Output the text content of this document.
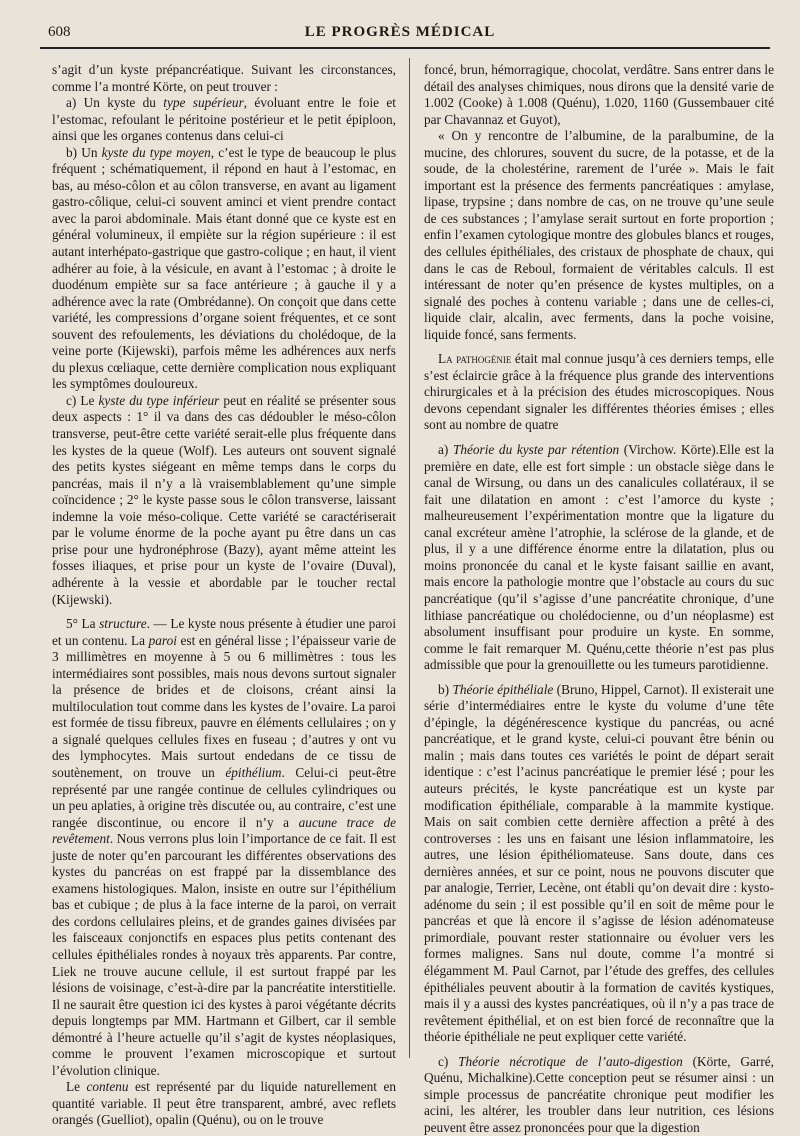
608	LE PROGRÈS MÉDICAL

s’agit d’un kyste prépancréatique. Suivant les circonstances, comme l’a montré Körte, on peut trouver :

a) Un kyste du type supérieur, évoluant entre le foie et l’estomac, refoulant le péritoine postérieur et le petit épiploon, ainsi que les organes contenus dans celui-ci

b) Un kyste du type moyen, c’est le type de beaucoup le plus fréquent ; schématiquement, il répond en haut à l’estomac, en bas, au méso-côlon et au côlon transverse, en avant au ligament gastro-côlique, celui-ci souvent aminci et vient prendre contact avec la paroi abdominale. Mais étant donné que ce kyste est en général volumineux, il empiète sur la région supérieure : il est autant interhépato-gastrique que gastro-colique ; en haut, il vient adhérer au foie, à la vésicule, en avant à l’estomac ; à droite le duodénum empiète sur sa face antérieure ; à gauche il y a adhérence avec la rate (Ombrédanne). On conçoit que dans cette variété, les compressions d’organe soient fréquentes, et ce sont souvent des refoulements, les déviations du cholédoque, de la veine porte (Kijewski), parfois même les adhérences aux nerfs du plexus cœliaque, cette dernière complication nous expliquant les symptômes douloureux.

c) Le kyste du type inférieur peut en réalité se présenter sous deux aspects : 1° il va dans des cas dédoubler le méso-côlon transverse, peut-être cette variété serait-elle plus fréquente dans les kystes de la queue (Wolf). Les auteurs ont souvent signalé des petits kystes siégeant en même temps dans le corps du pancréas, mais il n’y a là vraisemblablement qu’une simple coïncidence ; 2° le kyste passe sous le côlon transverse, laissant indemne la voie méso-colique. Cette variété se caractériserait par le volume énorme de la poche ayant pu être dans un cas prise pour une hydronéphrose (Bazy), ayant même atteint les fosses iliaques, et prise pour un kyste de l’ovaire (Duval), adhérente à la vessie et abordable par le toucher rectal (Kijewski).

5° La structure. — Le kyste nous présente à étudier une paroi et un contenu. La paroi est en général lisse ; l’épaisseur varie de 3 millimètres en moyenne à 5 ou 6 millimètres : tous les intermédiaires sont possibles, mais nous devons surtout signaler la présence de brides et de cloisons, créant ainsi la multiloculation tout comme dans les kystes de l’ovaire. La paroi est formée de tissu fibreux, pauvre en éléments cellulaires ; on y a signalé quelques cellules fixes en fuseau ; d’autres y ont vu des lymphocytes. Mais surtout endedans de ce tissu de soutènement, on trouve un épithélium. Celui-ci peut-être représenté par une rangée continue de cellules cylindriques ou un peu aplaties, à origine très discutée ou, au contraire, c’est une rangée discontinue, ou encore il n’y a aucune trace de revêtement. Nous verrons plus loin l’importance de ce fait. Il est juste de noter qu’en parcourant les différentes observations des kystes du pancréas on est frappé par la dissemblance des examens histologiques. Malon, insiste en outre sur l’épithélium bas et cubique ; de plus à la face interne de la paroi, on verrait des cordons cellulaires pleins, et de grandes gaines divisées par les faisceaux conjonctifs en espaces plus petits contenant des cellules épithéliales rondes à noyaux très apparents. Par contre, Liek ne trouve aucune cellule, il est surtout frappé par les lésions de voisinage, c’est-à-dire par la pancréatite interstitielle. Il ne saurait être question ici des kystes à paroi végétante décrits depuis longtemps par MM. Hartmann et Gilbert, car il semble démontré à l’heure actuelle qu’il s’agit de kystes néoplasiques, comme le prouvent l’examen microscopique et surtout l’évolution clinique.

Le contenu est représenté par du liquide naturellement en quantité variable. Il peut être transparent, ambré, avec reflets orangés (Guelliot), opalin (Quénu), ou on le trouve

foncé, brun, hémorragique, chocolat, verdâtre. Sans entrer dans le détail des analyses chimiques, nous dirons que la densité varie de 1.002 (Cooke) à 1.008 (Quénu), 1.020, 1160 (Gussembauer cité par Chavannaz et Guyot),

« On y rencontre de l’albumine, de la paralbumine, de la mucine, des chlorures, souvent du sucre, de la potasse, et de la soude, de la cholestérine, rarement de l’urée ». Mais le fait important est la présence des ferments pancréatiques : amylase, lipase, trypsine ; dans nombre de cas, on ne trouve qu’une seule de ces substances ; l’amylase serait surtout en forte proportion ; enfin l’examen cytologique montre des globules blancs et rouges, des cellules épithéliales, des cristaux de phosphate de chaux, qui dans le cas de Reboul, formaient de véritables calculs. Il est intéressant de noter qu’en présence de kystes multiples, on a signalé des poches à contenu variable ; dans une de celles-ci, liquide clair, alcalin, avec ferments, dans la poche voisine, liquide foncé, sans ferments.

La pathogénie était mal connue jusqu’à ces derniers temps, elle s’est éclaircie grâce à la fréquence plus grande des interventions chirurgicales et à la précision des études microscopiques. Nous devons cependant signaler les différentes théories émises ; elles sont au nombre de quatre

a) Théorie du kyste par rétention (Virchow. Körte).Elle est la première en date, elle est fort simple : un obstacle siège dans le canal de Wirsung, ou dans un des canalicules collatéraux, il se fait une dilatation en amont : c’est l’amorce du kyste ; malheureusement l’expérimentation montre que la ligature du canal excréteur amène l’atrophie, la sclérose de la glande, et de plus, il y a une différence énorme entre la dilatation, plus ou moins prononcée du canal et le kyste faisant saillie en avant, mais encore la pathologie montre que l’obstacle au cours du suc pancréatique (qu’il s’agisse d’une pancréatite chronique, d’une lithiase pancréatique ou cholédocienne, ou d’un néoplasme) est absolument insuffisant pour produire un kyste. En somme, comme le fait remarquer M. Quénu,cette théorie n’est pas plus admissible que pour la grenouillette ou les tumeurs parotidienne.

b) Théorie épithéliale (Bruno, Hippel, Carnot). Il existerait une série d’intermédiaires entre le kyste du volume d’une tête d’épingle, la dégénérescence kystique du pancréas, ou acné pancréatique, et le grand kyste, celui-ci pouvant être bénin ou malin ; mais dans toutes ces variétés le point de départ serait identique : c’est l’acinus pancréatique le premier lésé ; pour les auteurs précités, le kyste pancréatique est un kyste par modification épithéliale, comparable à la mammite kystique. Mais on sait combien cette dernière affection a prêté à des controverses : les uns en faisant une lésion inflammatoire, les autres, une lésion épithéliomateuse. Sans doute, dans ces dernières années, et sur ce point, nous ne pouvons discuter que par analogie, Terrier, Lecène, ont établi qu’on devait dire : kysto-adénome du sein ; il est possible qu’il en soit de même pour le pancréas et que là encore il s’agisse de lésion adénomateuse primordiale, pouvant rester stationnaire ou évoluer vers les formes malignes. Sans nul doute, comme l’a montré si élégamment M. Paul Carnot, par l’étude des greffes, des cellules épithéliales peuvent aboutir à la formation de cavités kystiques, mais il y a aussi des kystes pancréatiques, où il n’y a pas trace de revêtement épithélial, et on est bien forcé de reconnaître que la théorie épithéliale ne peut expliquer cette variété.

c) Théorie nécrotique de l’auto-digestion (Körte, Garré, Quénu, Michalkine).Cette conception peut se résumer ainsi : un simple processus de pancréatite chronique peut modifier les acini, les altérer, les troubler dans leur nutrition, ces lésions peuvent être assez prononcées pour que la digestion
